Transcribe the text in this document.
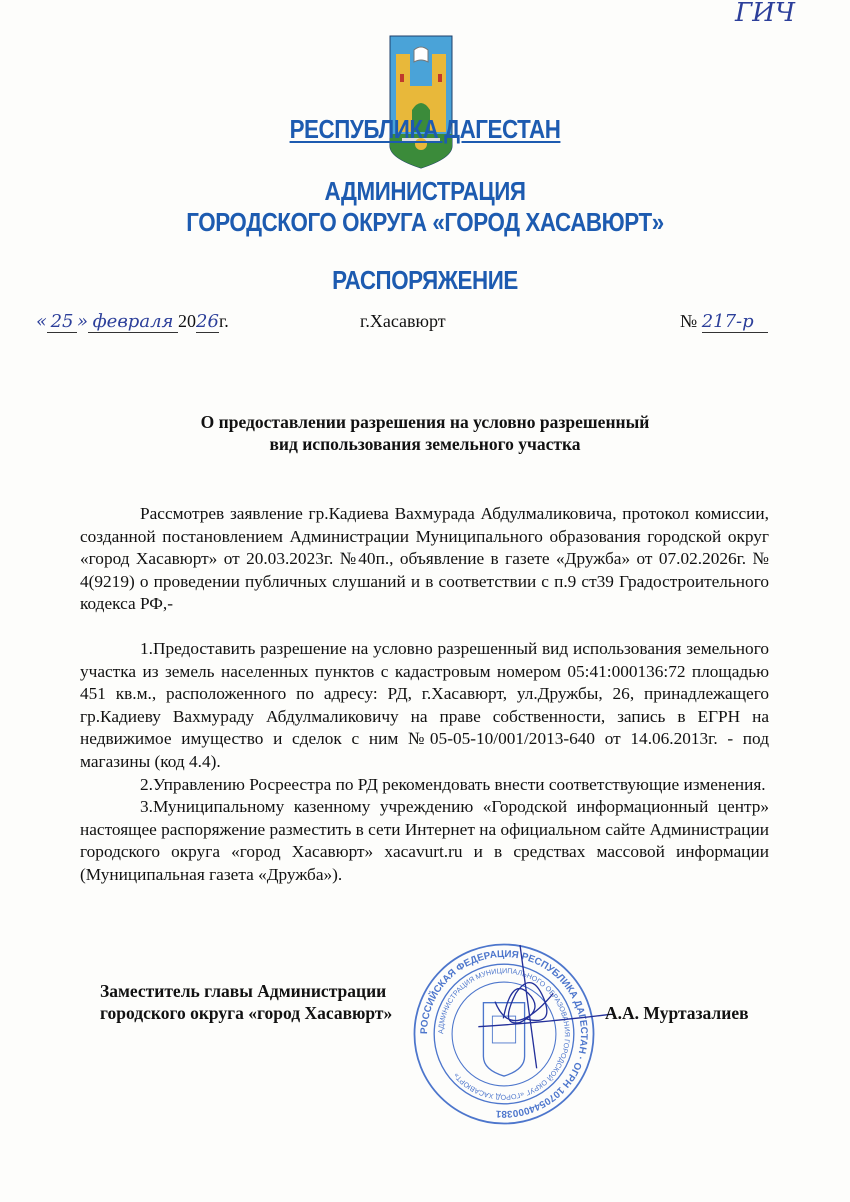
ГИЧ
РЕСПУБЛИКА ДАГЕСТАН
АДМИНИСТРАЦИЯ
ГОРОДСКОГО ОКРУГА «ГОРОД ХАСАВЮРТ»
РАСПОРЯЖЕНИЕ
« 25 » февраля 2026г.	г.Хасавюрт	№ 217-р
О предоставлении разрешения на условно разрешенный
вид использования земельного участка

Рассмотрев заявление гр.Кадиева Вахмурада Абдулмаликовича, протокол комиссии, созданной постановлением Администрации Муниципального образования городской округ «город Хасавюрт» от 20.03.2023г. №40п., объявление в газете «Дружба» от 07.02.2026г. № 4(9219) о проведении публичных слушаний и в соответствии с п.9 ст39 Градостроительного кодекса РФ,-

1.Предоставить разрешение на условно разрешенный вид использования земельного участка из земель населенных пунктов с кадастровым номером 05:41:000136:72 площадью 451 кв.м., расположенного по адресу: РД, г.Хасавюрт, ул.Дружбы, 26, принадлежащего гр.Кадиеву Вахмураду Абдулмаликовичу на праве собственности, запись в ЕГРН на недвижимое имущество и сделок с ним №05-05-10/001/2013-640 от 14.06.2013г. - под магазины (код 4.4).

2.Управлению Росреестра по РД рекомендовать внести соответствующие изменения.

3.Муниципальному казенному учреждению «Городской информационный центр» настоящее распоряжение разместить в сети Интернет на официальном сайте Администрации городского округа «город Хасавюрт» xacavurt.ru и в средствах массовой информации (Муниципальная газета «Дружба»).

РОССИЙСКАЯ ФЕДЕРАЦИЯ РЕСПУБЛИКА ДАГЕСТАН · ОГРН 1070544000381
АДМИНИСТРАЦИЯ МУНИЦИПАЛЬНОГО ОБРАЗОВАНИЯ ГОРОДСКОЙ ОКРУГ «ГОРОД ХАСАВЮРТ»
Заместитель главы Администрации
городского округа «город Хасавюрт»	А.А. Муртазалиев
